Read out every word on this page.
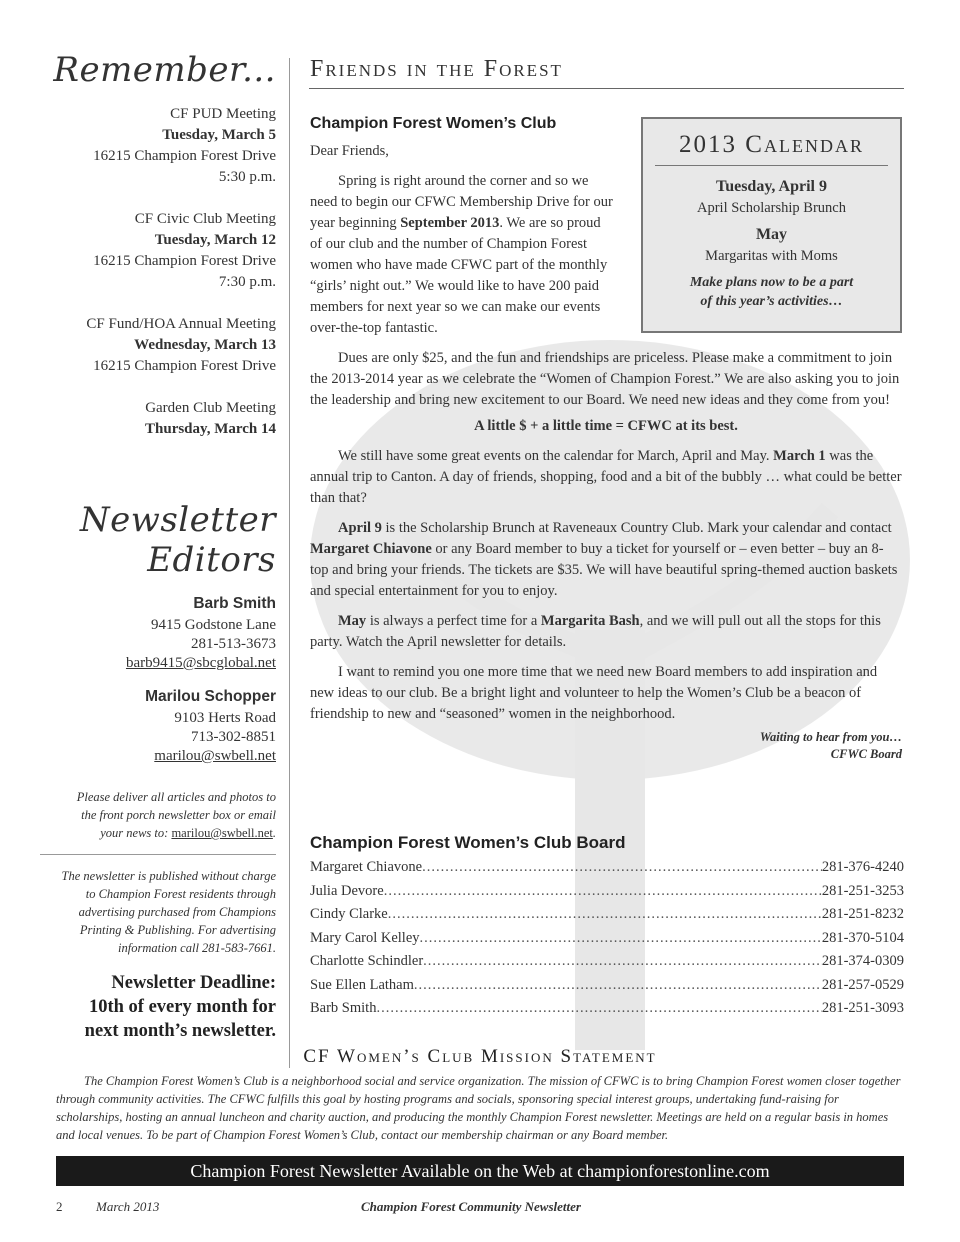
Remember...
CF PUD Meeting
Tuesday, March 5
16215 Champion Forest Drive
5:30 p.m.
CF Civic Club Meeting
Tuesday, March 12
16215 Champion Forest Drive
7:30 p.m.
CF Fund/HOA Annual Meeting
Wednesday, March 13
16215 Champion Forest Drive
Garden Club Meeting
Thursday, March 14
Newsletter Editors
Barb Smith
9415 Godstone Lane
281-513-3673
barb9415@sbcglobal.net
Marilou Schopper
9103 Herts Road
713-302-8851
marilou@swbell.net
Please deliver all articles and photos to the front porch newsletter box or email your news to: marilou@swbell.net.
The newsletter is published without charge to Champion Forest residents through advertising purchased from Champions Printing & Publishing. For advertising information call 281-583-7661.
Newsletter Deadline:
10th of every month for
next month’s newsletter.
Friends in the Forest
Champion Forest Women’s Club

Dear Friends,

Spring is right around the corner and so we need to begin our CFWC Membership Drive for our year beginning September 2013. We are so proud of our club and the number of Champion Forest women who have made CFWC part of the monthly “girls’ night out.” We would like to have 200 paid members for next year so we can make our events over-the-top fantastic.

2013 Calendar
Tuesday, April 9
April Scholarship Brunch
May
Margaritas with Moms
Make plans now to be a part
of this year’s activities…

Dues are only $25, and the fun and friendships are priceless. Please make a commitment to join the 2013-2014 year as we celebrate the “Women of Champion Forest.” We are also asking you to join the leadership and bring new excitement to our Board. We need new ideas and they come from you!

A little $ + a little time = CFWC at its best.

We still have some great events on the calendar for March, April and May. March 1 was the annual trip to Canton. A day of friends, shopping, food and a bit of the bubbly … what could be better than that?

April 9 is the Scholarship Brunch at Raveneaux Country Club. Mark your calendar and contact Margaret Chiavone or any Board member to buy a ticket for yourself or – even better – buy an 8-top and bring your friends. The tickets are $35. We will have beautiful spring-themed auction baskets and special entertainment for you to enjoy.

May is always a perfect time for a Margarita Bash, and we will pull out all the stops for this party. Watch the April newsletter for details.

I want to remind you one more time that we need new Board members to add inspiration and new ideas to our club. Be a bright light and volunteer to help the Women’s Club be a beacon of friendship to new and “seasoned” women in the neighborhood.

Waiting to hear from you…
CFWC Board
Champion Forest Women’s Club Board
Margaret Chiavone .....	281-376-4240
Julia Devore .....	281-251-3253
Cindy Clarke .....	281-251-8232
Mary Carol Kelley .....	281-370-5104
Charlotte Schindler .....	281-374-0309
Sue Ellen Latham .....	281-257-0529
Barb Smith .....	281-251-3093
CF Women’s Club Mission Statement
The Champion Forest Women’s Club is a neighborhood social and service organization. The mission of CFWC is to bring Champion Forest women closer together through community activities. The CFWC fulfills this goal by hosting programs and socials, sponsoring special interest groups, undertaking fund-raising for scholarships, hosting an annual luncheon and charity auction, and producing the monthly Champion Forest newsletter. Meetings are held on a regular basis in homes and local venues. To be part of Champion Forest Women’s Club, contact our membership chairman or any Board member.
Champion Forest Newsletter Available on the Web at championforestonline.com
2	March 2013	Champion Forest Community Newsletter
